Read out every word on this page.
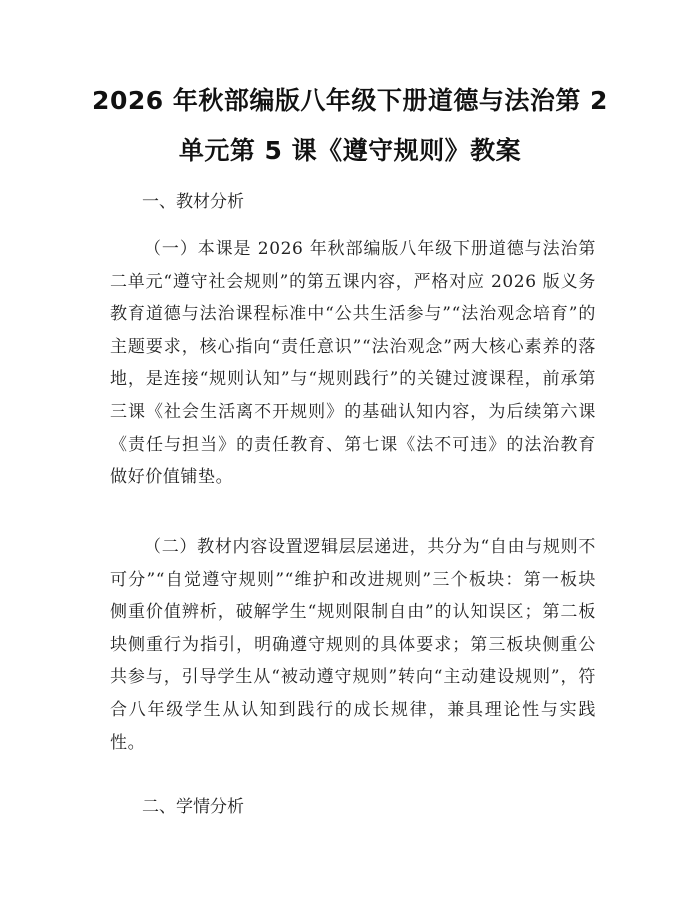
2026 年秋部编版八年级下册道德与法治第 2
单元第 5 课《遵守规则》教案
一、教材分析

（一）本课是 2026 年秋部编版八年级下册道德与法治第二单元“遵守社会规则”的第五课内容，严格对应 2026 版义务教育道德与法治课程标准中“公共生活参与”“法治观念培育”的主题要求，核心指向“责任意识”“法治观念”两大核心素养的落地，是连接“规则认知”与“规则践行”的关键过渡课程，前承第三课《社会生活离不开规则》的基础认知内容，为后续第六课《责任与担当》的责任教育、第七课《法不可违》的法治教育做好价值铺垫。

（二）教材内容设置逻辑层层递进，共分为“自由与规则不可分”“自觉遵守规则”“维护和改进规则”三个板块：第一板块侧重价值辨析，破解学生“规则限制自由”的认知误区；第二板块侧重行为指引，明确遵守规则的具体要求；第三板块侧重公共参与，引导学生从“被动遵守规则”转向“主动建设规则”，符合八年级学生从认知到践行的成长规律，兼具理论性与实践性。

二、学情分析
